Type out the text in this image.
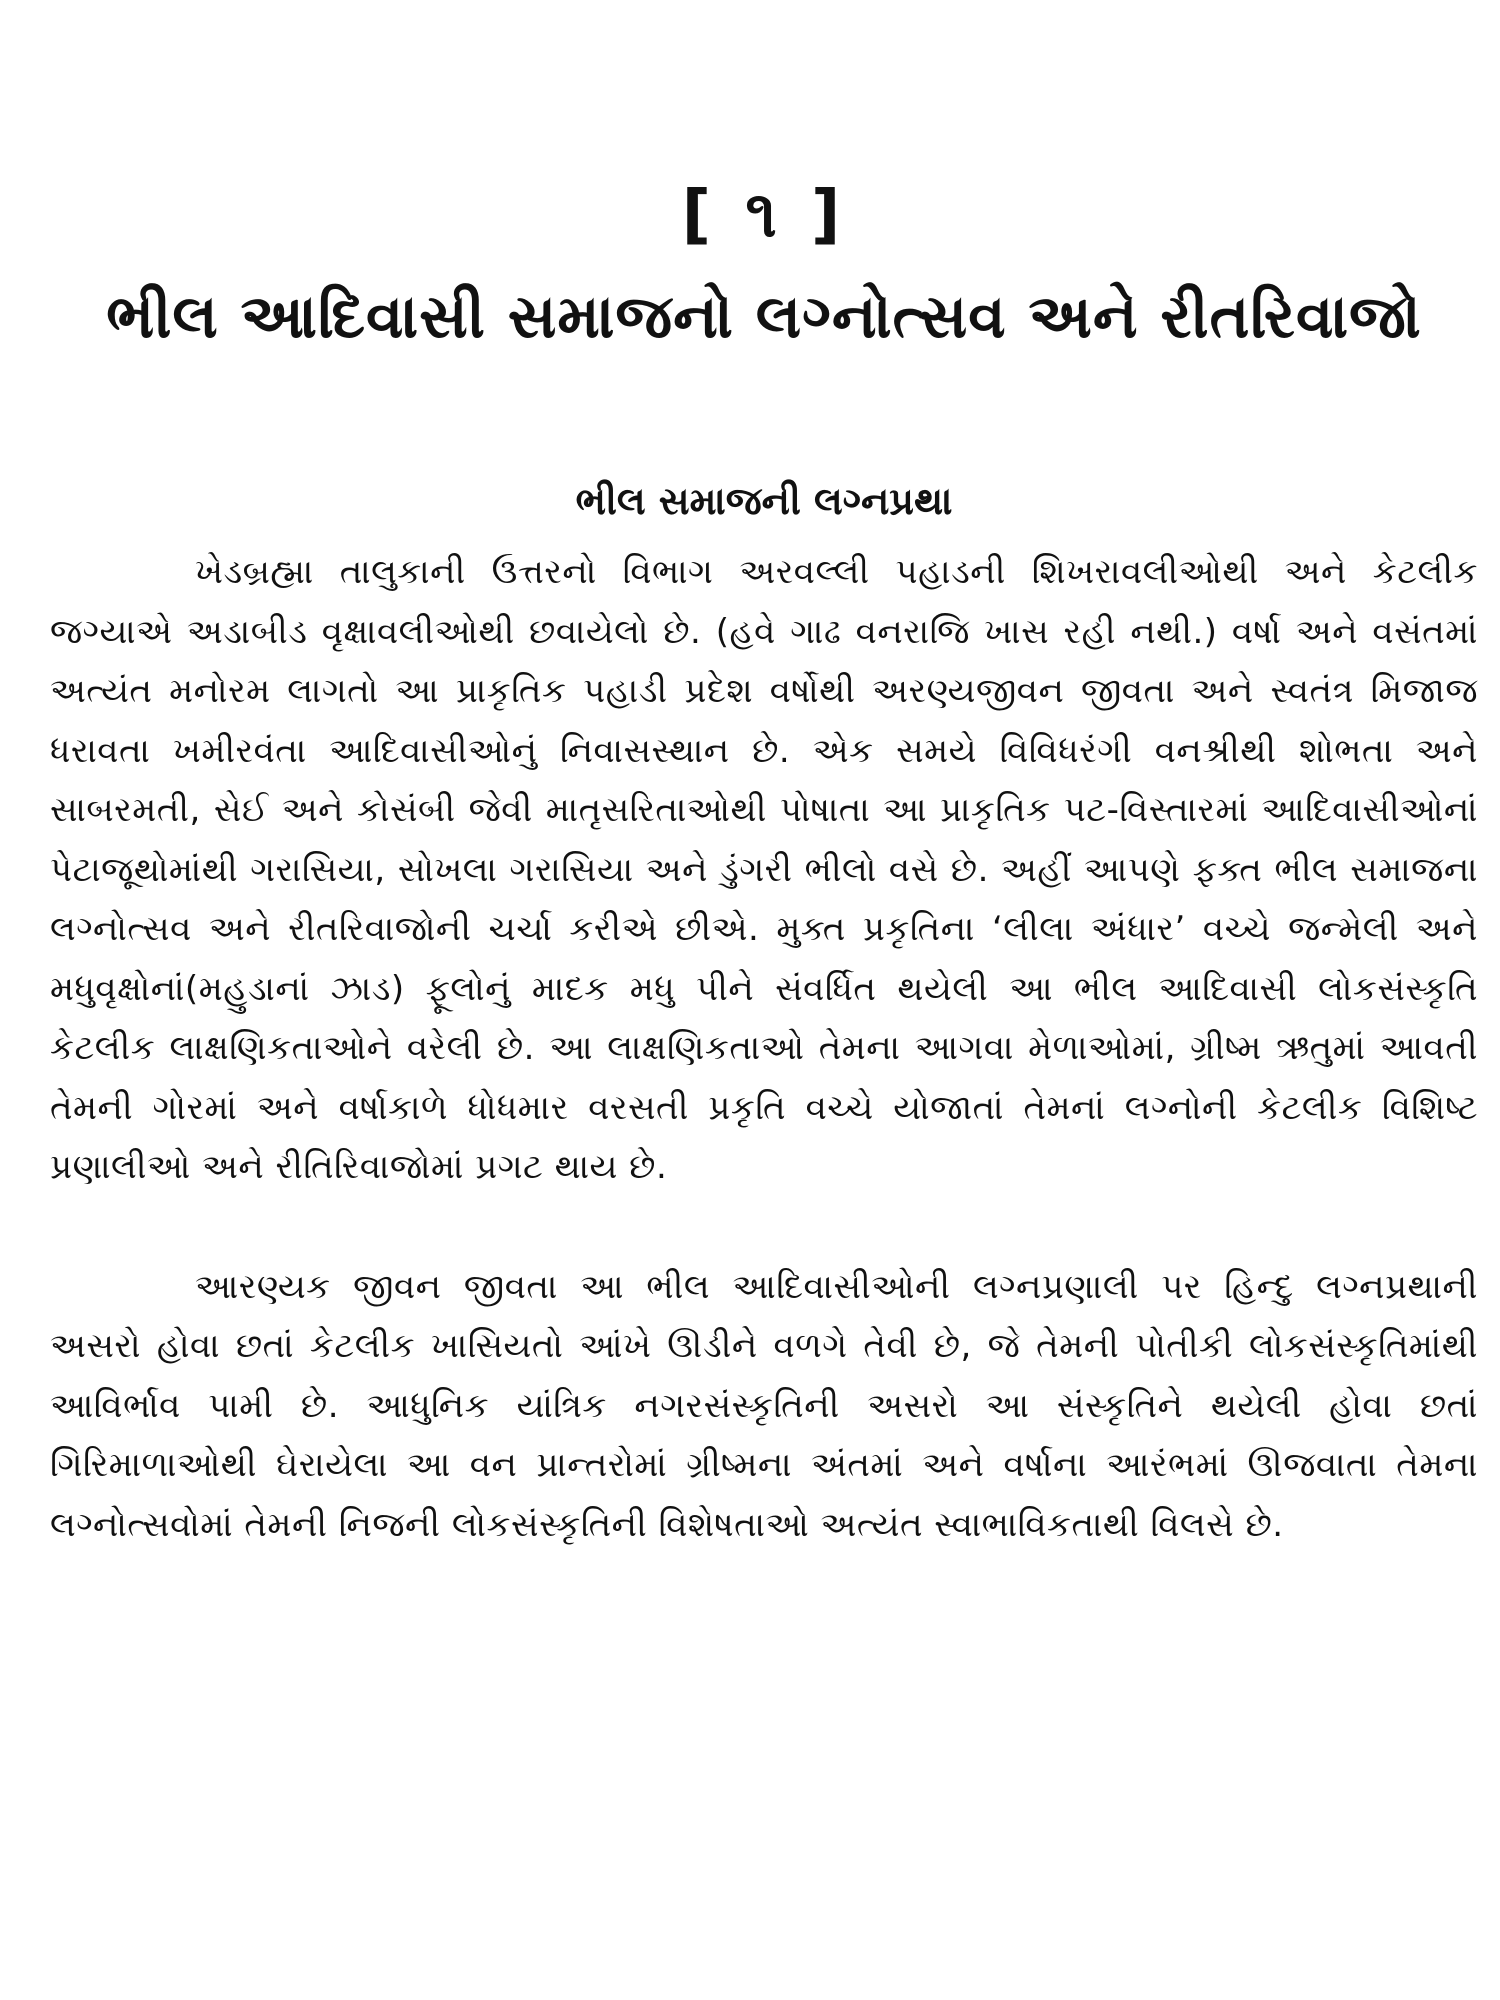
[ ૧ ]
ભીલ આદિવાસી સમાજનો લગ્નોત્સવ અને રીતરિવાજો
ભીલ સમાજની લગ્નપ્રથા

ખેડબ્રહ્મા તાલુકાની ઉત્તરનો વિભાગ અરવલ્લી પહાડની શિખરાવલીઓથી અને કેટલીક જગ્યાએ અડાબીડ વૃક્ષાવલીઓથી છવાયેલો છે. (હવે ગાઢ વનરાજિ ખાસ રહી નથી.) વર્ષા અને વસંતમાં અત્યંત મનોરમ લાગતો આ પ્રાકૃતિક પહાડી પ્રદેશ વર્ષોથી અરણ્યજીવન જીવતા અને સ્વતંત્ર મિજાજ ધરાવતા ખમીરવંતા આદિવાસીઓનું નિવાસસ્થાન છે. એક સમયે વિવિધરંગી વનશ્રીથી શોભતા અને સાબરમતી, સેઈ અને કોસંબી જેવી માતૃસરિતાઓથી પોષાતા આ પ્રાકૃતિક પટ-વિસ્તારમાં આદિવાસીઓનાં પેટાજૂથોમાંથી ગરાસિયા, સોખલા ગરાસિયા અને ડુંગરી ભીલો વસે છે. અહીં આપણે ફક્ત ભીલ સમાજના લગ્નોત્સવ અને રીતરિવાજોની ચર્ચા કરીએ છીએ. મુક્ત પ્રકૃતિના ‘લીલા અંધાર’ વચ્ચે જન્મેલી અને મધુવૃક્ષોનાં(મહુડાનાં ઝાડ) ફૂલોનું માદક મધુ પીને સંવર્ધિત થયેલી આ ભીલ આદિવાસી લોકસંસ્કૃતિ કેટલીક લાક્ષણિકતાઓને વરેલી છે. આ લાક્ષણિકતાઓ તેમના આગવા મેળાઓમાં, ગ્રીષ્મ ઋતુમાં આવતી તેમની ગોરમાં અને વર્ષાકાળે ધોધમાર વરસતી પ્રકૃતિ વચ્ચે યોજાતાં તેમનાં લગ્નોની કેટલીક વિશિષ્ટ પ્રણાલીઓ અને રીતિરિવાજોમાં પ્રગટ થાય છે.

આરણ્યક જીવન જીવતા આ ભીલ આદિવાસીઓની લગ્નપ્રણાલી પર હિન્દુ લગ્નપ્રથાની અસરો હોવા છતાં કેટલીક ખાસિયતો આંખે ઊડીને વળગે તેવી છે, જે તેમની પોતીકી લોકસંસ્કૃતિમાંથી આવિર્ભાવ પામી છે. આધુનિક યાંત્રિક નગરસંસ્કૃતિની અસરો આ સંસ્કૃતિને થયેલી હોવા છતાં ગિરિમાળાઓથી ઘેરાયેલા આ વન પ્રાન્તરોમાં ગ્રીષ્મના અંતમાં અને વર્ષાના આરંભમાં ઊજવાતા તેમના લગ્નોત્સવોમાં તેમની નિજની લોકસંસ્કૃતિની વિશેષતાઓ અત્યંત સ્વાભાવિકતાથી વિલસે છે.
